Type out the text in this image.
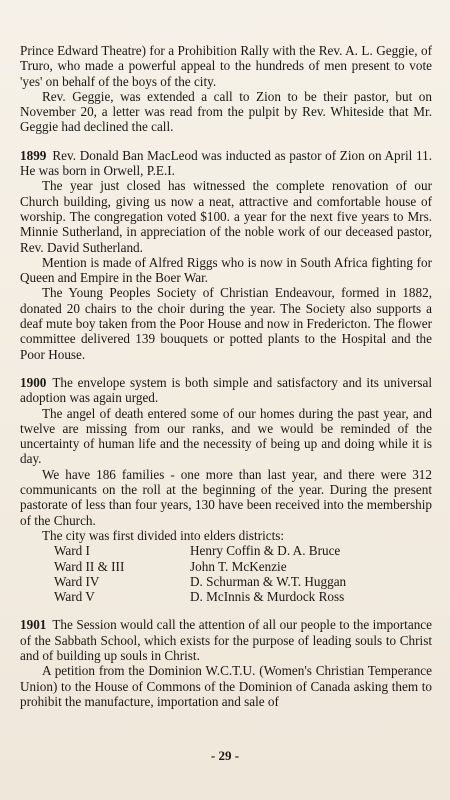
Prince Edward Theatre) for a Prohibition Rally with the Rev. A. L. Geggie, of Truro, who made a powerful appeal to the hundreds of men present to vote 'yes' on behalf of the boys of the city.

Rev. Geggie, was extended a call to Zion to be their pastor, but on November 20, a letter was read from the pulpit by Rev. Whiteside that Mr. Geggie had declined the call.

1899 Rev. Donald Ban MacLeod was inducted as pastor of Zion on April 11. He was born in Orwell, P.E.I.

The year just closed has witnessed the complete renovation of our Church building, giving us now a neat, attractive and comfortable house of worship. The congregation voted $100. a year for the next five years to Mrs. Minnie Sutherland, in appreciation of the noble work of our deceased pastor, Rev. David Sutherland.

Mention is made of Alfred Riggs who is now in South Africa fighting for Queen and Empire in the Boer War.

The Young Peoples Society of Christian Endeavour, formed in 1882, donated 20 chairs to the choir during the year. The Society also supports a deaf mute boy taken from the Poor House and now in Fredericton. The flower committee delivered 139 bouquets or potted plants to the Hospital and the Poor House.

1900 The envelope system is both simple and satisfactory and its universal adoption was again urged.

The angel of death entered some of our homes during the past year, and twelve are missing from our ranks, and we would be reminded of the uncertainty of human life and the necessity of being up and doing while it is day.

We have 186 families - one more than last year, and there were 312 communicants on the roll at the beginning of the year. During the present pastorate of less than four years, 130 have been received into the membership of the Church.

The city was first divided into elders districts:

Ward I	Henry Coffin & D. A. Bruce
Ward II & III	John T. McKenzie
Ward IV	D. Schurman & W.T. Huggan
Ward V	D. McInnis & Murdock Ross

1901 The Session would call the attention of all our people to the importance of the Sabbath School, which exists for the purpose of leading souls to Christ and of building up souls in Christ.

A petition from the Dominion W.C.T.U. (Women's Christian Temperance Union) to the House of Commons of the Dominion of Canada asking them to prohibit the manufacture, importation and sale of

- 29 -
